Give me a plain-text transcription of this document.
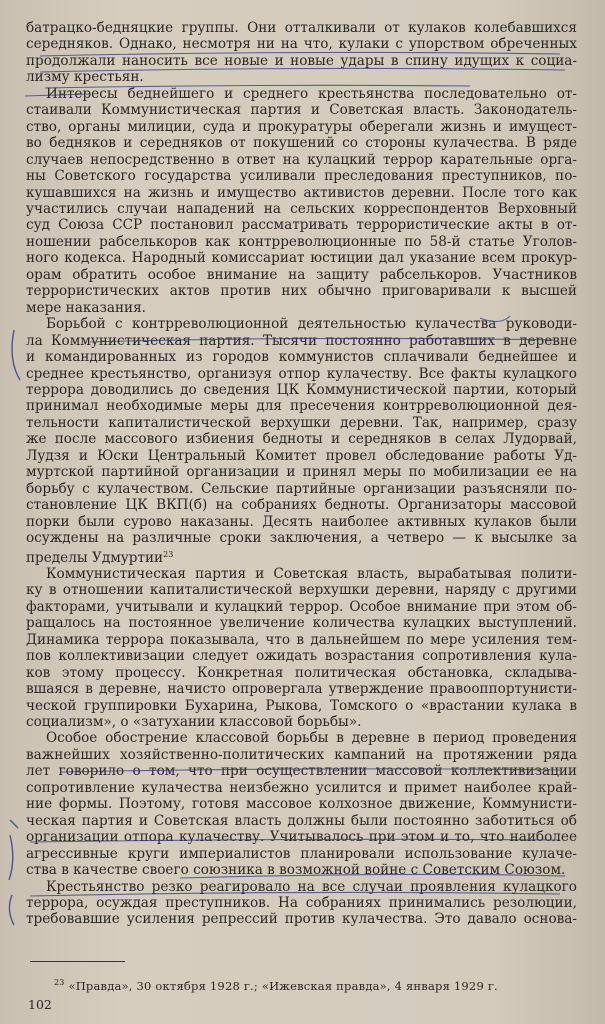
батрацко-бедняцкие группы. Они отталкивали от кулаков колебавшихся
середняков. Однако, несмотря ни на что, кулаки с упорством обреченных
продолжали наносить все новые и новые удары в спину идущих к социа-
лизму крестьян.
Интересы беднейшего и среднего крестьянства последовательно от-
стаивали Коммунистическая партия и Советская власть. Законодатель-
ство, органы милиции, суда и прокуратуры оберегали жизнь и имущест-
во бедняков и середняков от покушений со стороны кулачества. В ряде
случаев непосредственно в ответ на кулацкий террор карательные орга-
ны Советского государства усиливали преследования преступников, по-
кушавшихся на жизнь и имущество активистов деревни. После того как
участились случаи нападений на сельских корреспондентов Верховный
суд Союза ССР постановил рассматривать террористические акты в от-
ношении рабселькоров как контрреволюционные по 58-й статье Уголов-
ного кодекса. Народный комиссариат юстиции дал указание всем прокур-
орам обратить особое внимание на защиту рабселькоров. Участников
террористических актов против них обычно приговаривали к высшей
мере наказания.
Борьбой с контрреволюционной деятельностью кулачества руководи-
ла Коммунистическая партия. Тысячи постоянно работавших в деревне
и командированных из городов коммунистов сплачивали беднейшее и
среднее крестьянство, организуя отпор кулачеству. Все факты кулацкого
террора доводились до сведения ЦК Коммунистической партии, который
принимал необходимые меры для пресечения контрреволюционной дея-
тельности капиталистической верхушки деревни. Так, например, сразу
же после массового избиения бедноты и середняков в селах Лудорвай,
Лудзя и Юски Центральный Комитет провел обследование работы Уд-
муртской партийной организации и принял меры по мобилизации ее на
борьбу с кулачеством. Сельские партийные организации разъясняли по-
становление ЦК ВКП(б) на собраниях бедноты. Организаторы массовой
порки были сурово наказаны. Десять наиболее активных кулаков были
осуждены на различные сроки заключения, а четверо — к высылке за
пределы Удмуртии$^{23}$
Коммунистическая партия и Советская власть, вырабатывая полити-
ку в отношении капиталистической верхушки деревни, наряду с другими
факторами, учитывали и кулацкий террор. Особое внимание при этом об-
ращалось на постоянное увеличение количества кулацких выступлений.
Динамика террора показывала, что в дальнейшем по мере усиления тем-
пов коллективизации следует ожидать возрастания сопротивления кула-
ков этому процессу. Конкретная политическая обстановка, складыва-
вшаяся в деревне, начисто опровергала утверждение правооппортунисти-
ческой группировки Бухарина, Рыкова, Томского о «врастании кулака в
социализм», о «затухании классовой борьбы».
Особое обострение классовой борьбы в деревне в период проведения
важнейших хозяйственно-политических кампаний на протяжении ряда
лет говорило о том, что при осуществлении массовой коллективизации
сопротивление кулачества неизбежно усилится и примет наиболее край-
ние формы. Поэтому, готовя массовое колхозное движение, Коммунисти-
ческая партия и Советская власть должны были постоянно заботиться об
организации отпора кулачеству. Учитывалось при этом и то, что наиболее
агрессивные круги империалистов планировали использование кулаче-
ства в качестве своего союзника в возможной войне с Советским Союзом.
Крестьянство резко реагировало на все случаи проявления кулацкого
террора, осуждая преступников. На собраниях принимались резолюции,
требовавшие усиления репрессий против кулачества. Это давало основа-
$^{23}$ «Правда», 30 октября 1928 г.; «Ижевская правда», 4 января 1929 г.
102
